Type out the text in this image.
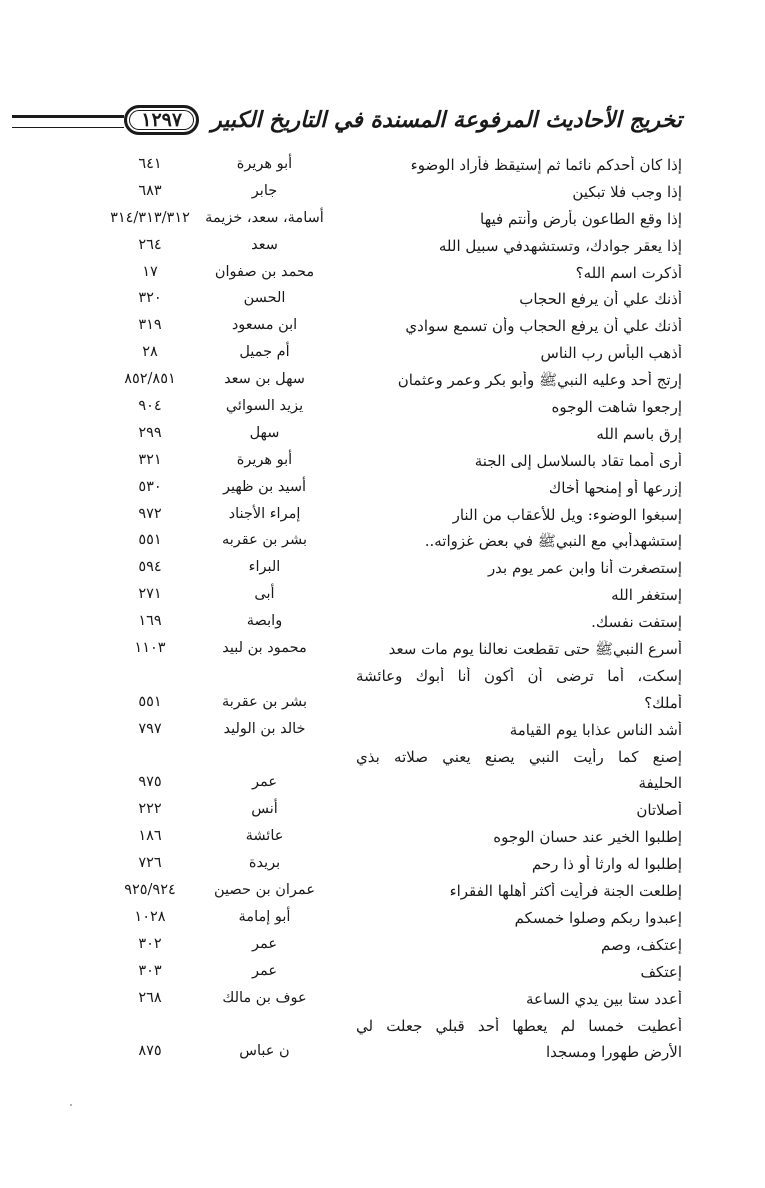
تخريج الأحاديث المرفوعة المسندة في التاريخ الكبير
١٢٩٧
إذا كان أحدكم نائما ثم إستيقظ فأراد الوضوء
أبو هريرة
٦٤١
إذا وجب فلا تبكين
جابر
٦٨٣
إذا وقع الطاعون بأرض وأنتم فيها
أسامة، سعد، خزيمة
٣١٤/٣١٣/٣١٢
إذا يعقر جوادك، وتستشهدفي سبيل الله
سعد
٢٦٤
أذكرت اسم الله؟
محمد بن صفوان
١٧
أذنك علي أن يرفع الحجاب
الحسن
٣٢٠
أذنك علي أن يرفع الحجاب وأن تسمع سوادي
ابن مسعود
٣١٩
أذهب البأس رب الناس
أم جميل
٢٨
إرتج أحد وعليه النبيﷺ وأبو بكر وعمر وعثمان
سهل بن سعد
٨٥٢/٨٥١
إرجعوا شاهت الوجوه
يزيد السوائي
٩٠٤
إرق باسم الله
سهل
٢٩٩
أرى أمما تقاد بالسلاسل إلى الجنة
أبو هريرة
٣٢١
إزرعها أو إمنحها أخاك
أسيد بن ظهير
٥٣٠
إسبغوا الوضوء: ويل للأعقاب من النار
إمراء الأجناد
٩٧٢
إستشهدأبي مع النبيﷺ في بعض غزواته..
بشر بن عقربه
٥٥١
إستصغرت أنا وابن عمر يوم بدر
البراء
٥٩٤
إستغفر الله
أبى
٢٧١
إستفت نفسك.
وابصة
١٦٩
أسرع النبيﷺ حتى تقطعت نعالنا يوم مات سعد
محمود بن لبيد
١١٠٣
إسكت، أما ترضى أن أكون أنا أبوك وعائشة
أملك؟
بشر بن عقربة
٥٥١
أشد الناس عذابا يوم القيامة
خالد بن الوليد
٧٩٧
إصنع كما رأيت النبي يصنع يعني صلاته بذي
الحليفة
عمر
٩٧٥
أصلاتان
أنس
٢٢٢
إطلبوا الخير عند حسان الوجوه
عائشة
١٨٦
إطلبوا له وارثا أو ذا رحم
بريدة
٧٢٦
إطلعت الجنة فرأيت أكثر أهلها الفقراء
عمران بن حصين
٩٢٥/٩٢٤
إعبدوا ربكم وصلوا خمسكم
أبو إمامة
١٠٢٨
إعتكف، وصم
عمر
٣٠٢
إعتكف
عمر
٣٠٣
أعدد ستا بين يدي الساعة
عوف بن مالك
٢٦٨
أعطيت خمسا لم يعطها أحد قبلي جعلت لي
الأرض طهورا ومسجدا
ن عباس
٨٧٥
